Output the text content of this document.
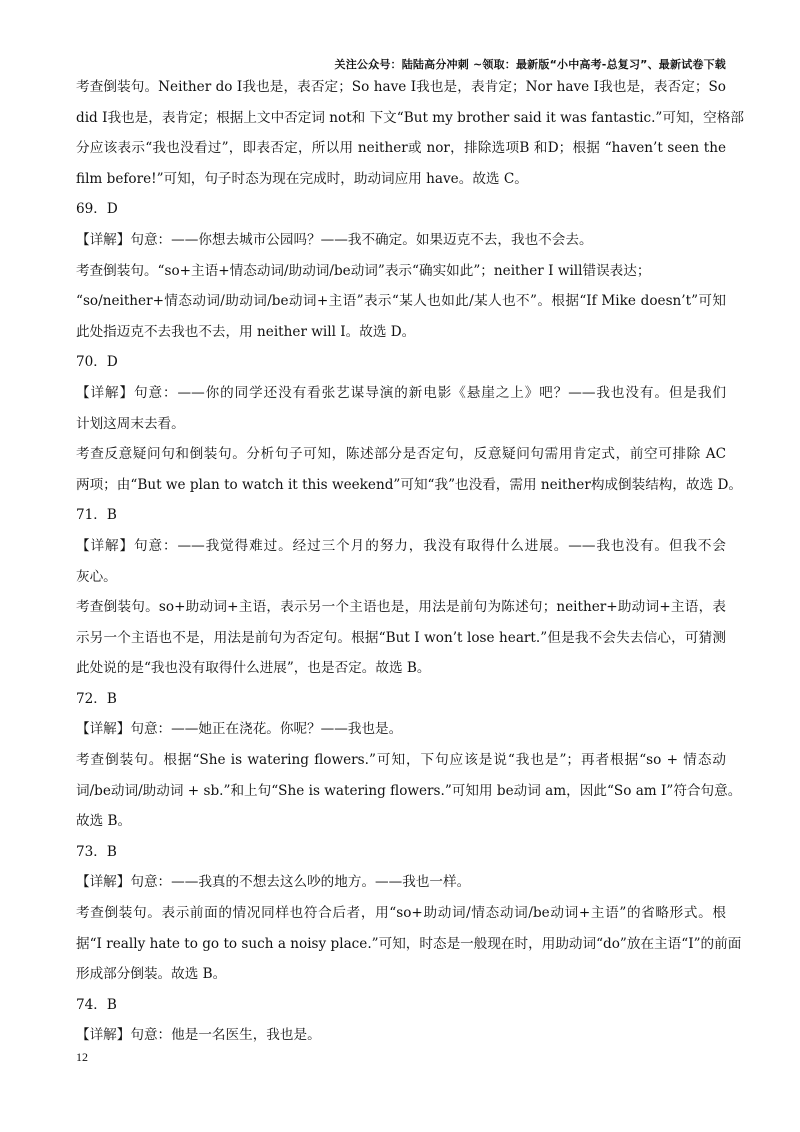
关注公众号：陆陆高分冲刺 ~领取：最新版“小中高考-总复习”、最新试卷下载
考查倒装句。Neither do I我也是，表否定；So have I我也是，表肯定；Nor have I我也是，表否定；So
did I我也是，表肯定；根据上文中否定词 not和 下文“But my brother said it was fantastic.”可知，空格部
分应该表示“我也没看过”，即表否定，所以用 neither或 nor，排除选项B 和D；根据 “haven’t seen the
film before!”可知，句子时态为现在完成时，助动词应用 have。故选 C。
69．D
【详解】句意：——你想去城市公园吗？——我不确定。如果迈克不去，我也不会去。
考查倒装句。“so+主语+情态动词/助动词/be动词”表示“确实如此”；neither I will错误表达；
“so/neither+情态动词/助动词/be动词+主语”表示“某人也如此/某人也不”。根据“If Mike doesn’t”可知
此处指迈克不去我也不去，用 neither will I。故选 D。
70．D
【详解】句意：——你的同学还没有看张艺谋导演的新电影《悬崖之上》吧？——我也没有。但是我们
计划这周末去看。
考查反意疑问句和倒装句。分析句子可知，陈述部分是否定句，反意疑问句需用肯定式，前空可排除 AC
两项；由“But we plan to watch it this weekend”可知“我”也没看，需用 neither构成倒装结构，故选 D。
71．B
【详解】句意：——我觉得难过。经过三个月的努力，我没有取得什么进展。——我也没有。但我不会
灰心。
考查倒装句。so+助动词+主语，表示另一个主语也是，用法是前句为陈述句；neither+助动词+主语，表
示另一个主语也不是，用法是前句为否定句。根据“But I won’t lose heart.”但是我不会失去信心，可猜测
此处说的是“我也没有取得什么进展”，也是否定。故选 B。
72．B
【详解】句意：——她正在浇花。你呢？——我也是。
考查倒装句。根据“She is watering flowers.”可知，下句应该是说“我也是”；再者根据“so + 情态动
词/be动词/助动词 + sb.”和上句“She is watering flowers.”可知用 be动词 am，因此“So am I”符合句意。
故选 B。
73．B
【详解】句意：——我真的不想去这么吵的地方。——我也一样。
考查倒装句。表示前面的情况同样也符合后者，用“so+助动词/情态动词/be动词+主语”的省略形式。根
据“I really hate to go to such a noisy place.”可知，时态是一般现在时，用助动词“do”放在主语“I”的前面
形成部分倒装。故选 B。
74．B
【详解】句意：他是一名医生，我也是。
12
